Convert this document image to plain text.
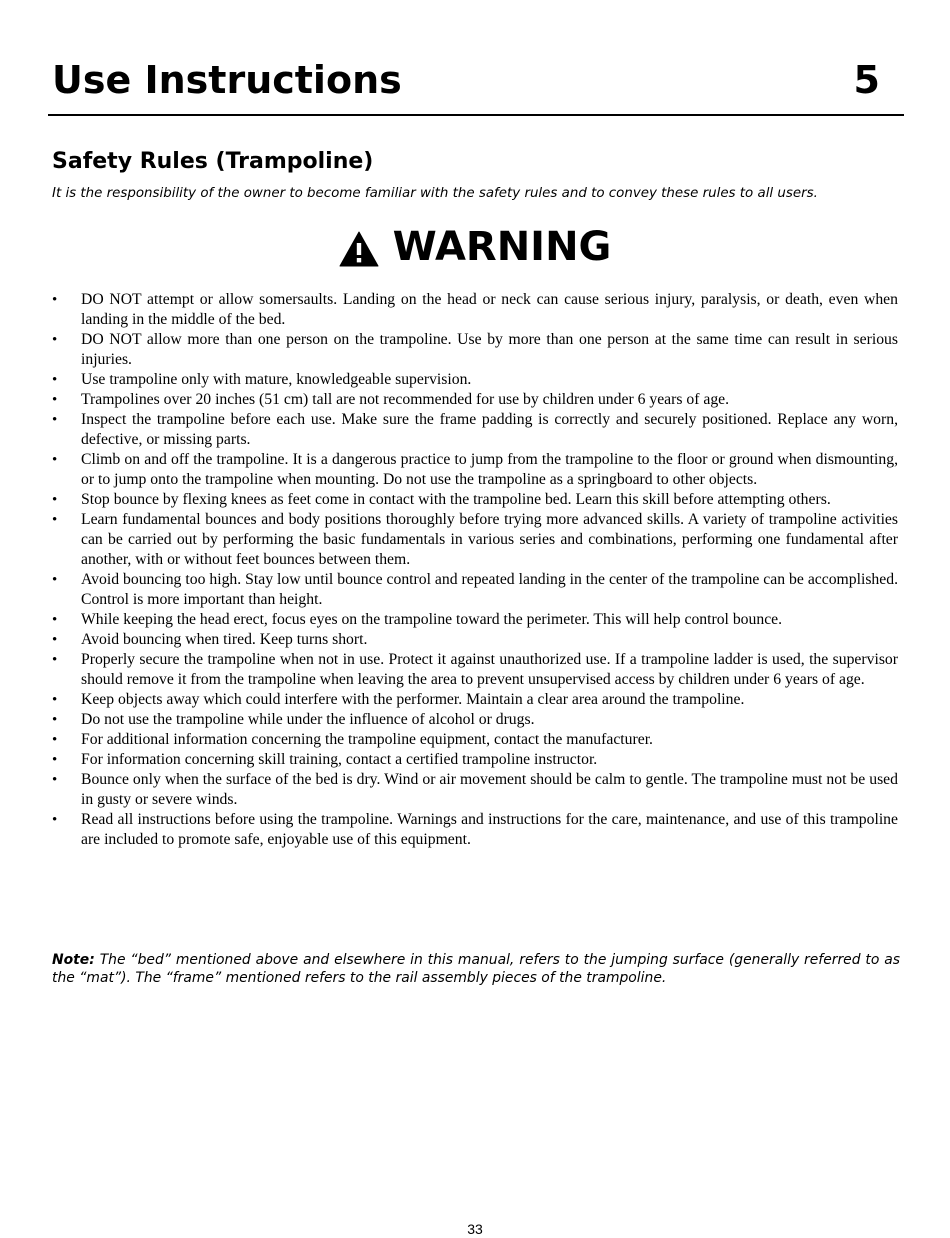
Use Instructions	5
Safety Rules (Trampoline)
It is the responsibility of the owner to become familiar with the safety rules and to convey these rules to all users.
WARNING
• DO NOT attempt or allow somersaults. Landing on the head or neck can cause serious injury, paralysis, or death, even when landing in the middle of the bed.
• DO NOT allow more than one person on the trampoline. Use by more than one person at the same time can result in serious injuries.
• Use trampoline only with mature, knowledgeable supervision.
• Trampolines over 20 inches (51 cm) tall are not recommended for use by children under 6 years of age.
• Inspect the trampoline before each use. Make sure the frame padding is correctly and securely positioned. Replace any worn, defective, or missing parts.
• Climb on and off the trampoline. It is a dangerous practice to jump from the trampoline to the floor or ground when dismounting, or to jump onto the trampoline when mounting. Do not use the trampoline as a springboard to other objects.
• Stop bounce by flexing knees as feet come in contact with the trampoline bed. Learn this skill before attempting others.
• Learn fundamental bounces and body positions thoroughly before trying more advanced skills. A variety of trampoline activities can be carried out by performing the basic fundamentals in various series and combinations, performing one fundamental after another, with or without feet bounces between them.
• Avoid bouncing too high. Stay low until bounce control and repeated landing in the center of the trampoline can be accomplished. Control is more important than height.
• While keeping the head erect, focus eyes on the trampoline toward the perimeter. This will help control bounce.
• Avoid bouncing when tired. Keep turns short.
• Properly secure the trampoline when not in use. Protect it against unauthorized use. If a trampoline ladder is used, the supervisor should remove it from the trampoline when leaving the area to prevent unsupervised access by children under 6 years of age.
• Keep objects away which could interfere with the performer. Maintain a clear area around the trampoline.
• Do not use the trampoline while under the influence of alcohol or drugs.
• For additional information concerning the trampoline equipment, contact the manufacturer.
• For information concerning skill training, contact a certified trampoline instructor.
• Bounce only when the surface of the bed is dry. Wind or air movement should be calm to gentle. The trampoline must not be used in gusty or severe winds.
• Read all instructions before using the trampoline. Warnings and instructions for the care, maintenance, and use of this trampoline are included to promote safe, enjoyable use of this equipment.
Note: The “bed” mentioned above and elsewhere in this manual, refers to the jumping surface (generally referred to as the “mat”). The “frame” mentioned refers to the rail assembly pieces of the trampoline.
33
